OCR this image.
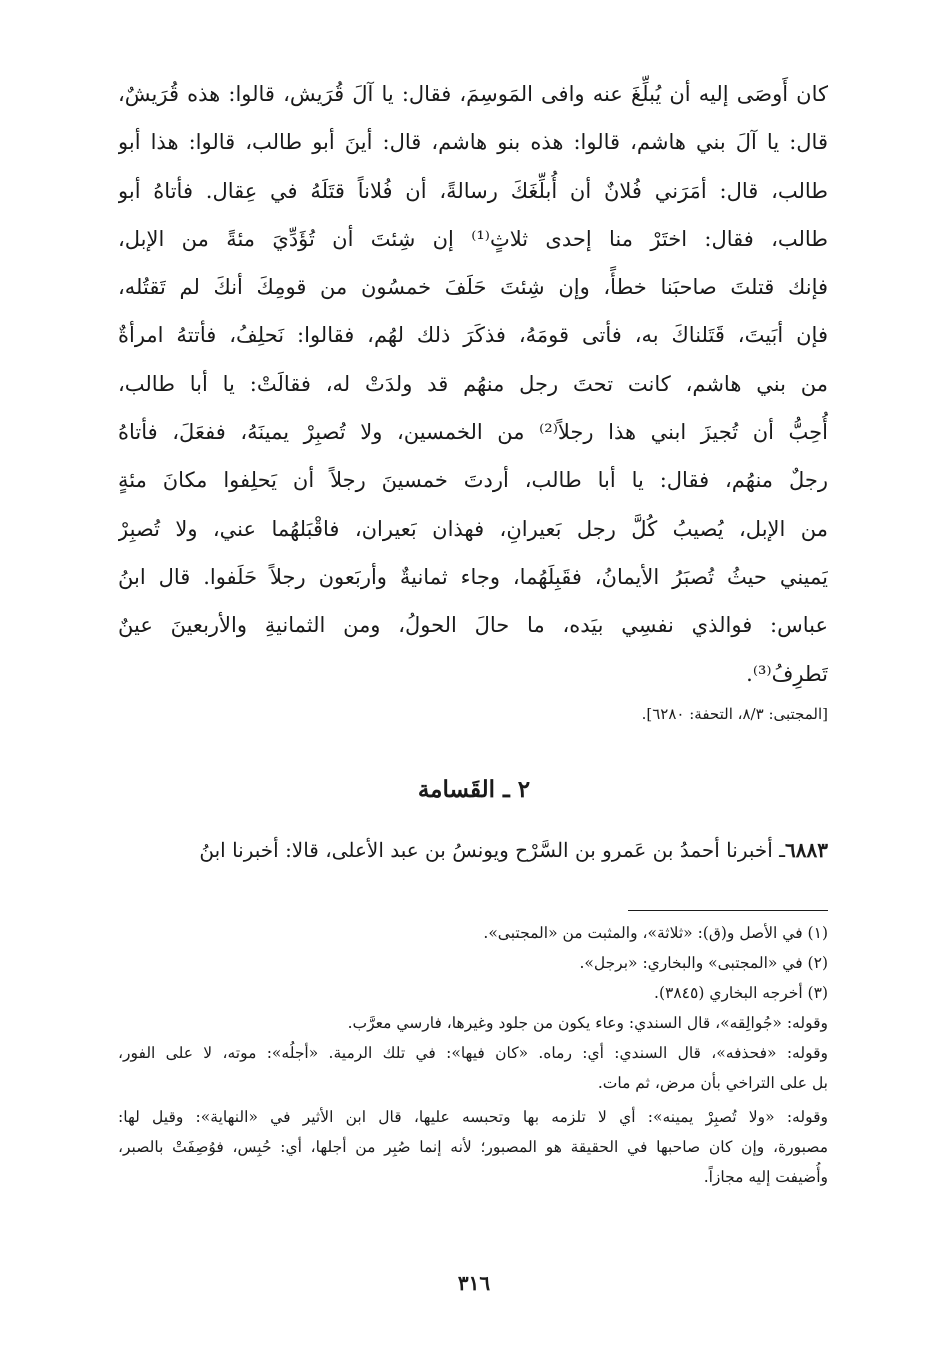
كان أَوصَى إليه أن يُبلِّغَ عنه وافى المَوسِمَ، فقال: يا آلَ قُرَيش، قالوا: هذه قُرَيشٌ،
قال: يا آلَ بني هاشم، قالوا: هذه بنو هاشم، قال: أينَ أبو طالب، قالوا: هذا أبو
طالب، قال: أمَرَني فُلانٌ أن أُبلِّغَكَ رسالةً، أن فُلاناً قتَلَهُ في عِقال. فأتاهُ أبو
طالب، فقال: اختَرْ منا إحدى ثلاثٍ⁽¹⁾ إن شِئتَ أن تُؤَدِّيَ مئةً من الإبل،
فإنك قتلتَ صاحبَنا خطأً، وإن شِئتَ حَلَفَ خمسُون من قومِكَ أنكَ لم تَقتُله،
فإن أبَيتَ، قَتَلناكَ به، فأتى قومَهُ، فذكَرَ ذلك لهُم، فقالوا: نَحلِفُ، فأتتهُ امرأةٌ
من بني هاشم، كانت تحتَ رجل منهُم قد ولدَتْ له، فقالَتْ: يا أبا طالب،
أُحِبُّ أن تُجيزَ ابني هذا رجلاً⁽²⁾ من الخمسين، ولا تُصبِرْ يمينَهُ، ففعَلَ، فأتاهُ
رجلٌ منهُم، فقال: يا أبا طالب، أردتَ خمسينَ رجلاً أن يَحلِفوا مكانَ مئةٍ
من الإبل، يُصيبُ كُلَّ رجل بَعيرانِ، فهذان بَعيران، فاقْبَلهُما عني، ولا تُصبِرْ
يَميني حيثُ تُصبَرُ الأيمانُ، فقَبِلَهُما، وجاء ثمانيةٌ وأربَعون رجلاً حَلَفوا. قال ابنُ
عباس: فوالذي نفسِي بيَده، ما حالَ الحولُ، ومن الثمانيةِ والأربعينَ عينٌ
تَطرِفُ⁽³⁾.
[المجتبى: ٨/٣، التحفة: ٦٢٨٠].
٢ ـ القَسامة
٦٨٨٣ـ أخبرنا أحمدُ بن عَمرو بن السَّرْح ويونسُ بن عبد الأعلى، قالا: أخبرنا ابنُ
(١) في الأصل و(ق): «ثلاثة»، والمثبت من «المجتبى».
(٢) في «المجتبى» والبخاري: «برجل».
(٣) أخرجه البخاري (٣٨٤٥).
وقوله: «جُوالِقه»، قال السندي: وعاء يكون من جلود وغيرها، فارسي معرَّب.
وقوله: «فحذفه»، قال السندي: أي: رماه. «كان فيها»: في تلك الرمية. «أجلُه»: موته، لا على الفور،
بل على التراخي بأن مرض، ثم مات.
وقوله: «ولا تُصبِرْ يمينه»: أي لا تلزمه بها وتحبسه عليها، قال ابن الأثير في «النهاية»: وقيل لها:
مصبورة، وإن كان صاحبها في الحقيقة هو المصبور؛ لأنه إنما صُبِر من أجلها، أي: حُبِس، فوُصِفَتْ بالصبر،
وأُضيفت إليه مجازاً.
٣١٦
